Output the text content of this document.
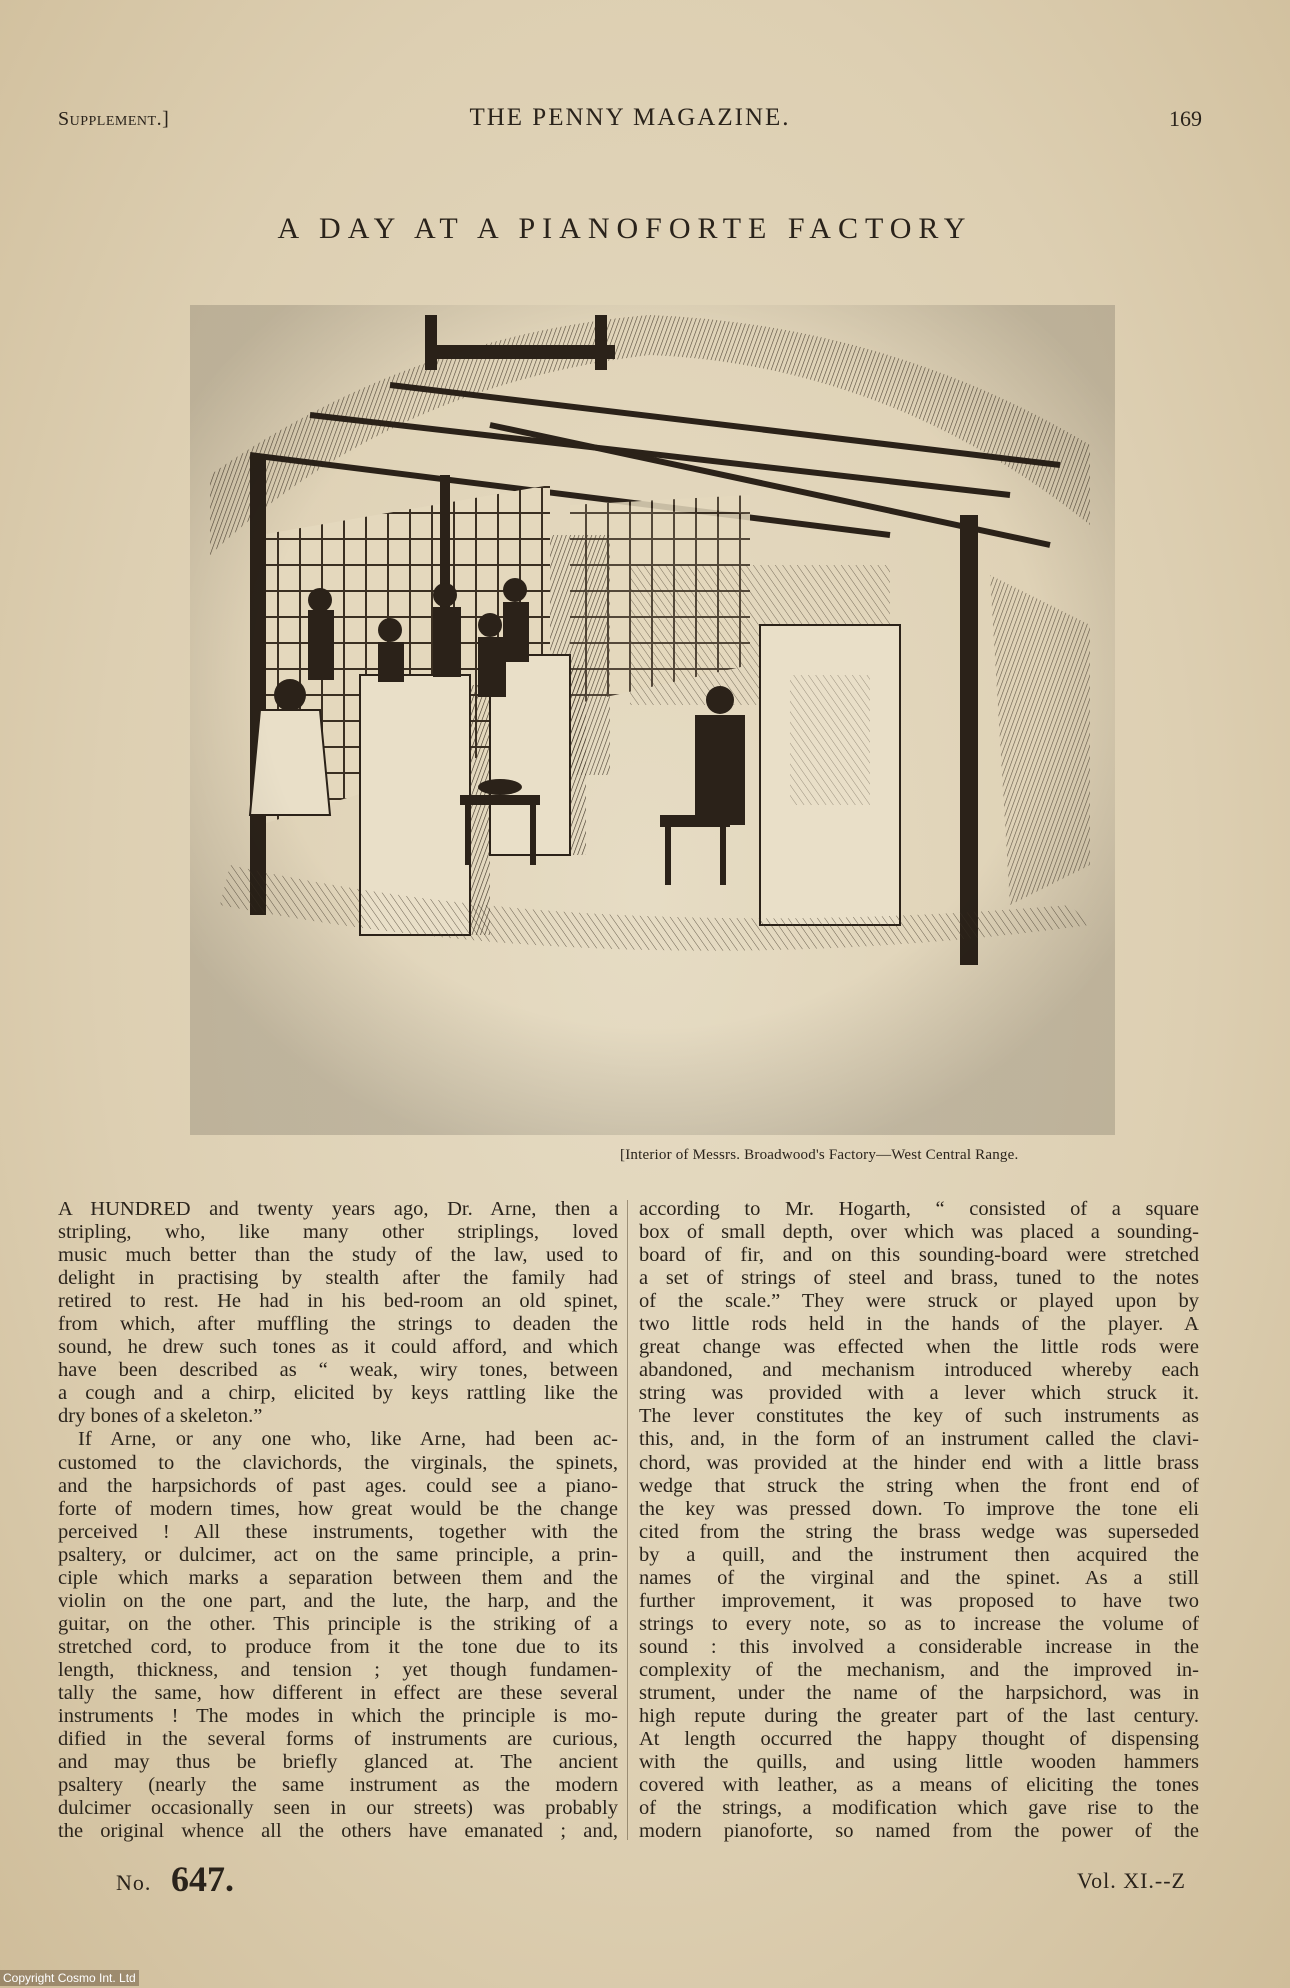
Supplement.]	THE PENNY MAGAZINE.	169
A DAY AT A PIANOFORTE FACTORY
[Interior of Messrs. Broadwood's Factory—West Central Range.
A HUNDRED and twenty years ago, Dr. Arne, then a
stripling, who, like many other striplings, loved
music much better than the study of the law, used to
delight in practising by stealth after the family had
retired to rest. He had in his bed-room an old spinet,
from which, after muffling the strings to deaden the
sound, he drew such tones as it could afford, and which
have been described as “ weak, wiry tones, between
a cough and a chirp, elicited by keys rattling like the
dry bones of a skeleton.”
If Arne, or any one who, like Arne, had been ac-
customed to the clavichords, the virginals, the spinets,
and the harpsichords of past ages. could see a piano-
forte of modern times, how great would be the change
perceived ! All these instruments, together with the
psaltery, or dulcimer, act on the same principle, a prin-
ciple which marks a separation between them and the
violin on the one part, and the lute, the harp, and the
guitar, on the other. This principle is the striking of a
stretched cord, to produce from it the tone due to its
length, thickness, and tension ; yet though fundamen-
tally the same, how different in effect are these several
instruments ! The modes in which the principle is mo-
dified in the several forms of instruments are curious,
and may thus be briefly glanced at. The ancient
psaltery (nearly the same instrument as the modern
dulcimer occasionally seen in our streets) was probably
the original whence all the others have emanated ; and,
according to Mr. Hogarth, “ consisted of a square
box of small depth, over which was placed a sounding-
board of fir, and on this sounding-board were stretched
a set of strings of steel and brass, tuned to the notes
of the scale.” They were struck or played upon by
two little rods held in the hands of the player. A
great change was effected when the little rods were
abandoned, and mechanism introduced whereby each
string was provided with a lever which struck it.
The lever constitutes the key of such instruments as
this, and, in the form of an instrument called the clavi-
chord, was provided at the hinder end with a little brass
wedge that struck the string when the front end of
the key was pressed down. To improve the tone eli
cited from the string the brass wedge was superseded
by a quill, and the instrument then acquired the
names of the virginal and the spinet. As a still
further improvement, it was proposed to have two
strings to every note, so as to increase the volume of
sound : this involved a considerable increase in the
complexity of the mechanism, and the improved in-
strument, under the name of the harpsichord, was in
high repute during the greater part of the last century.
At length occurred the happy thought of dispensing
with the quills, and using little wooden hammers
covered with leather, as a means of eliciting the tones
of the strings, a modification which gave rise to the
modern pianoforte, so named from the power of the
No. 647.	Vol. XI.--Z
Copyright Cosmo Int. Ltd
